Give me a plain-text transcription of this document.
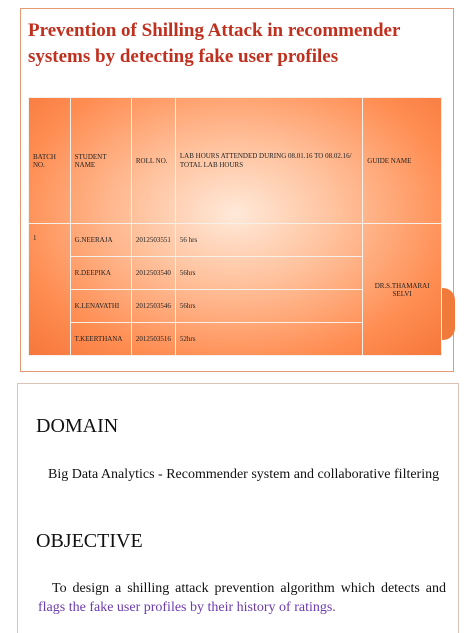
Prevention of Shilling Attack in recommender systems by detecting fake user profiles
BATCH NO.	STUDENT NAME	ROLL NO.	LAB HOURS ATTENDED DURING 08.01.16 TO 08.02.16/ TOTAL LAB HOURS	GUIDE NAME
1	G.NEERAJA	2012503551	56 hrs	DR.S.THAMARAI SELVI
	R.DEEPIKA	2012503540	56hrs	
	K.LENAVATHI	2012503546	56hrs	
	T.KEERTHANA	2012503516	52hrs	
DOMAIN
Big Data Analytics - Recommender system and collaborative filtering
OBJECTIVE
To design a shilling attack prevention algorithm which detects and flags the fake user profiles by their history of ratings.
